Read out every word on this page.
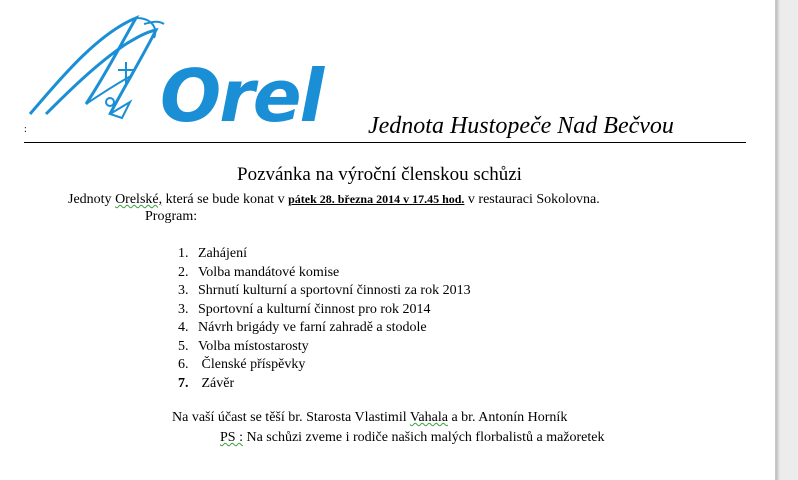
Orel
:	Jednota Hustopeče Nad Bečvou
Pozvánka na výroční členskou schůzi
Jednoty Orelské, která se bude konat v pátek 28. března 2014 v 17.45 hod. v restauraci Sokolovna.
Program:
1. Zahájení
2. Volba mandátové komise
3. Shrnutí kulturní a sportovní činnosti za rok 2013
3. Sportovní a kulturní činnost pro rok 2014
4. Návrh brigády ve farní zahradě a stodole
5. Volba místostarosty
6. Členské příspěvky
7. Závěr
Na vaší účast se těší br. Starosta Vlastimil Vahala a br. Antonín Horník
PS : Na schůzi zveme i rodiče našich malých florbalistů a mažoretek
